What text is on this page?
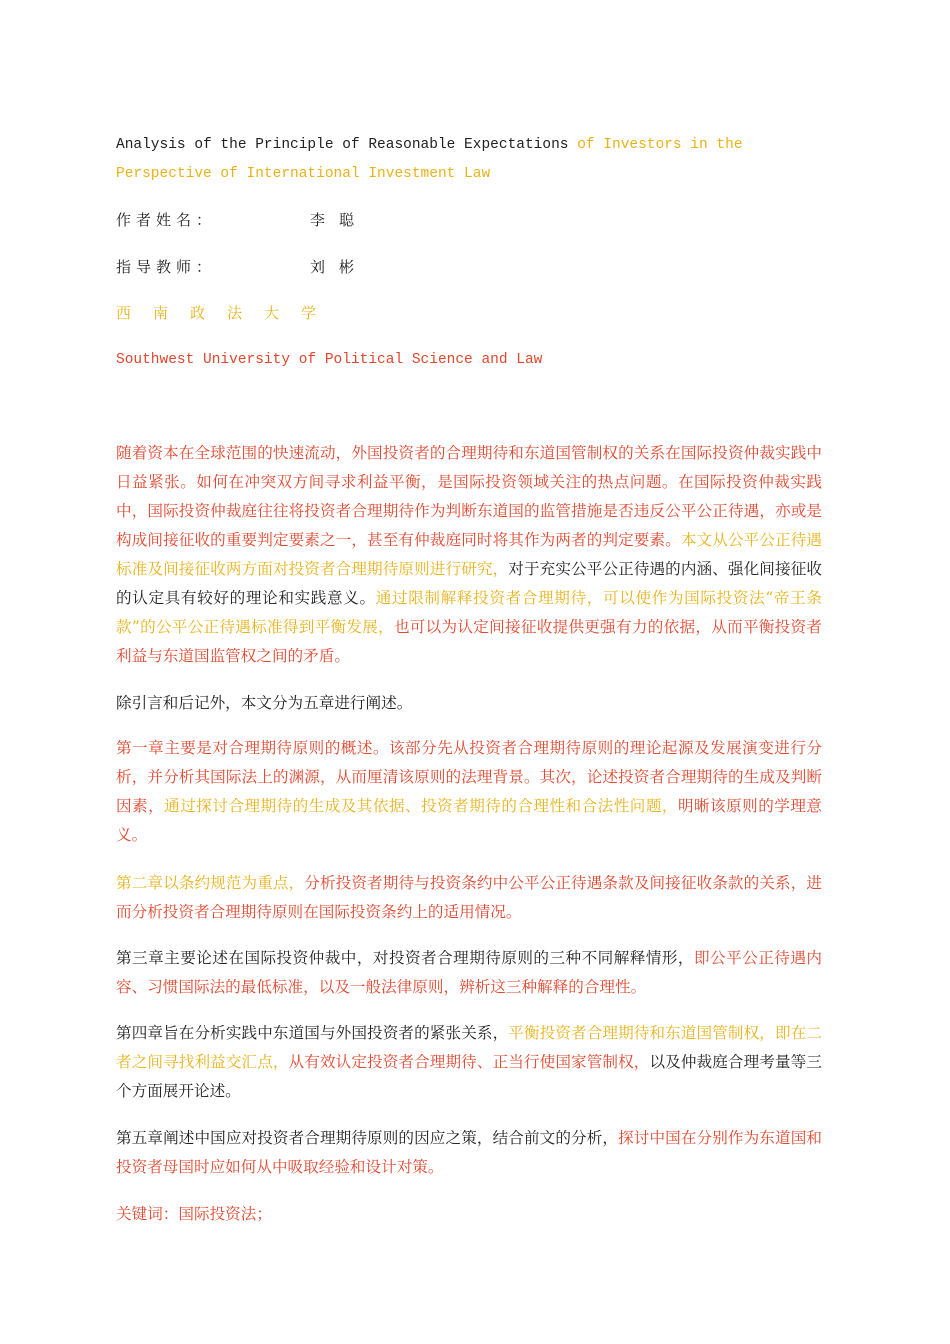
Analysis of the Principle of Reasonable Expectations of Investors in the Perspective of International Investment Law
作者姓名：	李聪
指导教师：	刘彬
西南政法大学
Southwest University of Political Science and Law

随着资本在全球范围的快速流动，外国投资者的合理期待和东道国管制权的关系在国际投资仲裁实践中日益紧张。如何在冲突双方间寻求利益平衡，是国际投资领域关注的热点问题。在国际投资仲裁实践中，国际投资仲裁庭往往将投资者合理期待作为判断东道国的监管措施是否违反公平公正待遇，亦或是构成间接征收的重要判定要素之一，甚至有仲裁庭同时将其作为两者的判定要素。本文从公平公正待遇标准及间接征收两方面对投资者合理期待原则进行研究，对于充实公平公正待遇的内涵、强化间接征收的认定具有较好的理论和实践意义。通过限制解释投资者合理期待，可以使作为国际投资法“帝王条款”的公平公正待遇标准得到平衡发展，也可以为认定间接征收提供更强有力的依据，从而平衡投资者利益与东道国监管权之间的矛盾。

除引言和后记外，本文分为五章进行阐述。

第一章主要是对合理期待原则的概述。该部分先从投资者合理期待原则的理论起源及发展演变进行分析，并分析其国际法上的渊源，从而厘清该原则的法理背景。其次，论述投资者合理期待的生成及判断因素，通过探讨合理期待的生成及其依据、投资者期待的合理性和合法性问题，明晰该原则的学理意义。

第二章以条约规范为重点，分析投资者期待与投资条约中公平公正待遇条款及间接征收条款的关系，进而分析投资者合理期待原则在国际投资条约上的适用情况。

第三章主要论述在国际投资仲裁中，对投资者合理期待原则的三种不同解释情形，即公平公正待遇内容、习惯国际法的最低标准，以及一般法律原则，辨析这三种解释的合理性。

第四章旨在分析实践中东道国与外国投资者的紧张关系，平衡投资者合理期待和东道国管制权，即在二者之间寻找利益交汇点，从有效认定投资者合理期待、正当行使国家管制权，以及仲裁庭合理考量等三个方面展开论述。

第五章阐述中国应对投资者合理期待原则的因应之策，结合前文的分析，探讨中国在分别作为东道国和投资者母国时应如何从中吸取经验和设计对策。

关键词：国际投资法；
